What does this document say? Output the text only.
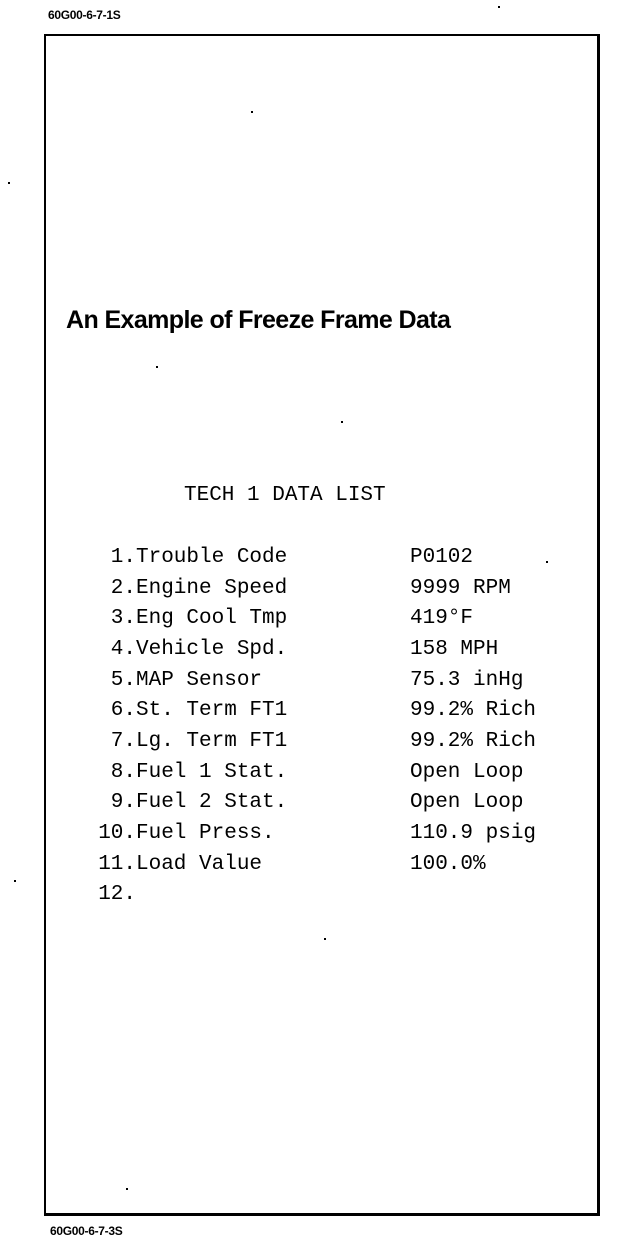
60G00-6-7-1S
An Example of Freeze Frame Data
TECH 1 DATA LIST
1. Trouble Code	P0102
2. Engine Speed	9999 RPM
3. Eng Cool Tmp	419°F
4. Vehicle Spd.	158 MPH
5. MAP Sensor	75.3 inHg
6. St. Term FT1	99.2% Rich
7. Lg. Term FT1	99.2% Rich
8. Fuel 1 Stat.	Open Loop
9. Fuel 2 Stat.	Open Loop
10. Fuel Press.	110.9 psig
11. Load Value	100.0%
12.
60G00-6-7-3S
